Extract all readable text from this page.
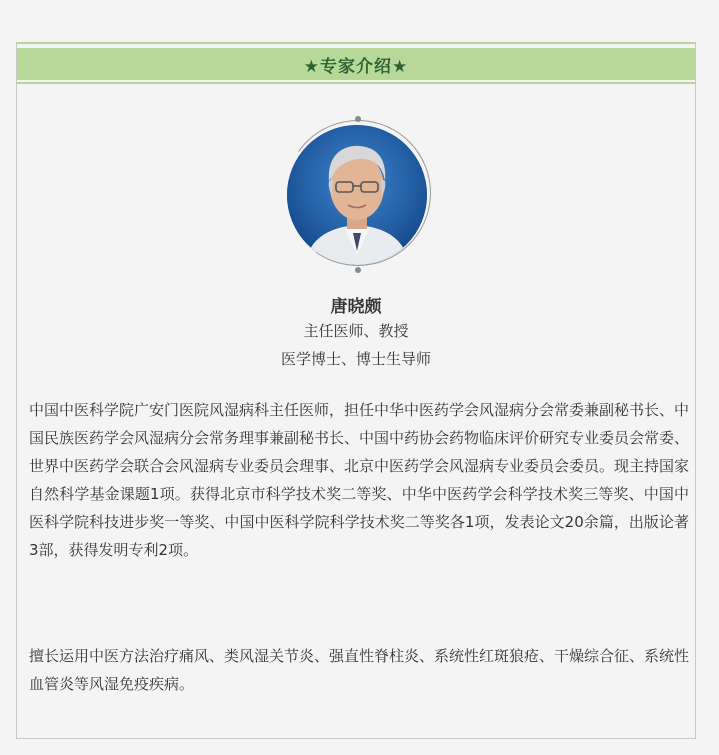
★专家介绍★
唐晓颇
主任医师、教授
医学博士、博士生导师

中国中医科学院广安门医院风湿病科主任医师，担任中华中医药学会风湿病分会常委兼副秘书长、中国民族医药学会风湿病分会常务理事兼副秘书长、中国中药协会药物临床评价研究专业委员会常委、世界中医药学会联合会风湿病专业委员会理事、北京中医药学会风湿病专业委员会委员。现主持国家自然科学基金课题1项。获得北京市科学技术奖二等奖、中华中医药学会科学技术奖三等奖、中国中医科学院科技进步奖一等奖、中国中医科学院科学技术奖二等奖各1项，发表论文20余篇，出版论著3部，获得发明专利2项。

擅长运用中医方法治疗痛风、类风湿关节炎、强直性脊柱炎、系统性红斑狼疮、干燥综合征、系统性血管炎等风湿免疫疾病。
